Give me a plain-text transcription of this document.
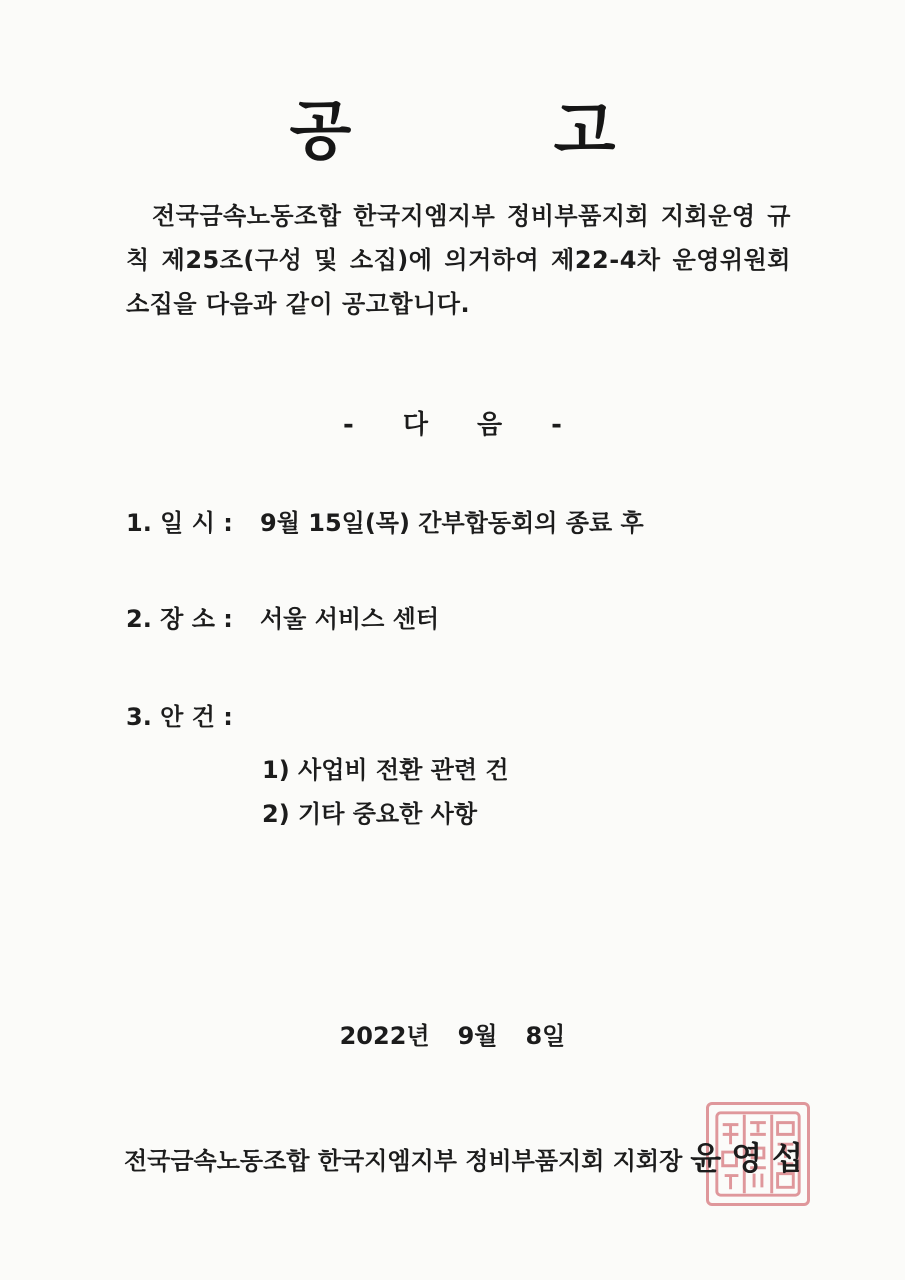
공 고
전국금속노동조합 한국지엠지부 정비부품지회 지회운영 규칙 제25조(구성 및 소집)에 의거하여 제22-4차 운영위원회 소집을 다음과 같이 공고합니다.
- 다 음 -
1. 일 시 : 9월 15일(목) 간부합동회의 종료 후
2. 장 소 : 서울 서비스 센터
3. 안 건 :
1) 사업비 전환 관련 건
2) 기타 중요한 사항
2022년 9월 8일
전국금속노동조합 한국지엠지부 정비부품지회 지회장 윤영섭
